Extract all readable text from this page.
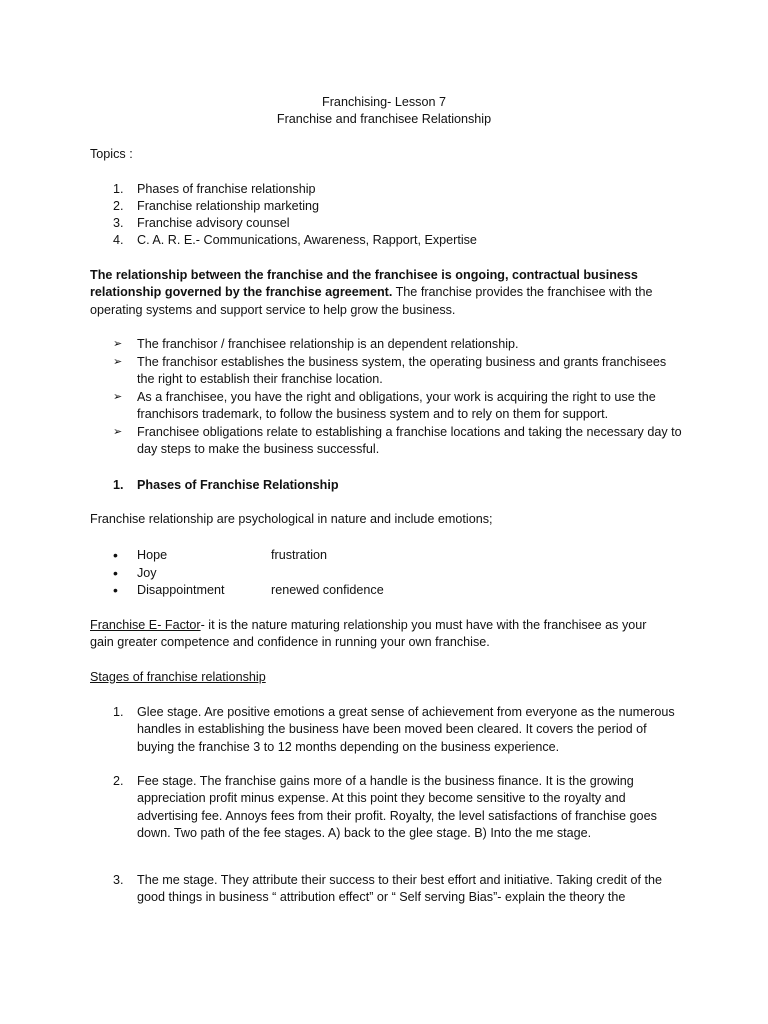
Franchising- Lesson 7

Franchise and franchisee Relationship

Topics :

1. Phases of franchise relationship
2. Franchise relationship marketing
3. Franchise advisory counsel
4. C. A. R. E.- Communications, Awareness, Rapport, Expertise

The relationship between the franchise and the franchisee is ongoing, contractual business relationship governed by the franchise agreement. The franchise provides the franchisee with the operating systems and support service to help grow the business.

➢ The franchisor / franchisee relationship is an dependent relationship.
➢ The franchisor establishes the business system, the operating business and grants franchisees the right to establish their franchise location.
➢ As a franchisee, you have the right and obligations, your work is acquiring the right to use the franchisors trademark, to follow the business system and to rely on them for support.
➢ Franchisee obligations relate to establishing a franchise locations and taking the necessary day to day steps to make the business successful.
1. Phases of Franchise Relationship

Franchise relationship are psychological in nature and include emotions;

• Hope	frustration
• Joy
• Disappointment	renewed confidence

Franchise E- Factor- it is the nature maturing relationship you must have with the franchisee as your gain greater competence and confidence in running your own franchise.

Stages of franchise relationship

1. Glee stage. Are positive emotions a great sense of achievement from everyone as the numerous handles in establishing the business have been moved been cleared. It covers the period of buying the franchise 3 to 12 months depending on the business experience.
2. Fee stage. The franchise gains more of a handle is the business finance. It is the growing appreciation profit minus expense. At this point they become sensitive to the royalty and advertising fee. Annoys fees from their profit. Royalty, the level satisfactions of franchise goes down. Two path of the fee stages. A) back to the glee stage. B) Into the me stage.
3. The me stage. They attribute their success to their best effort and initiative. Taking credit of the good things in business “ attribution effect” or “ Self serving Bias”- explain the theory the
